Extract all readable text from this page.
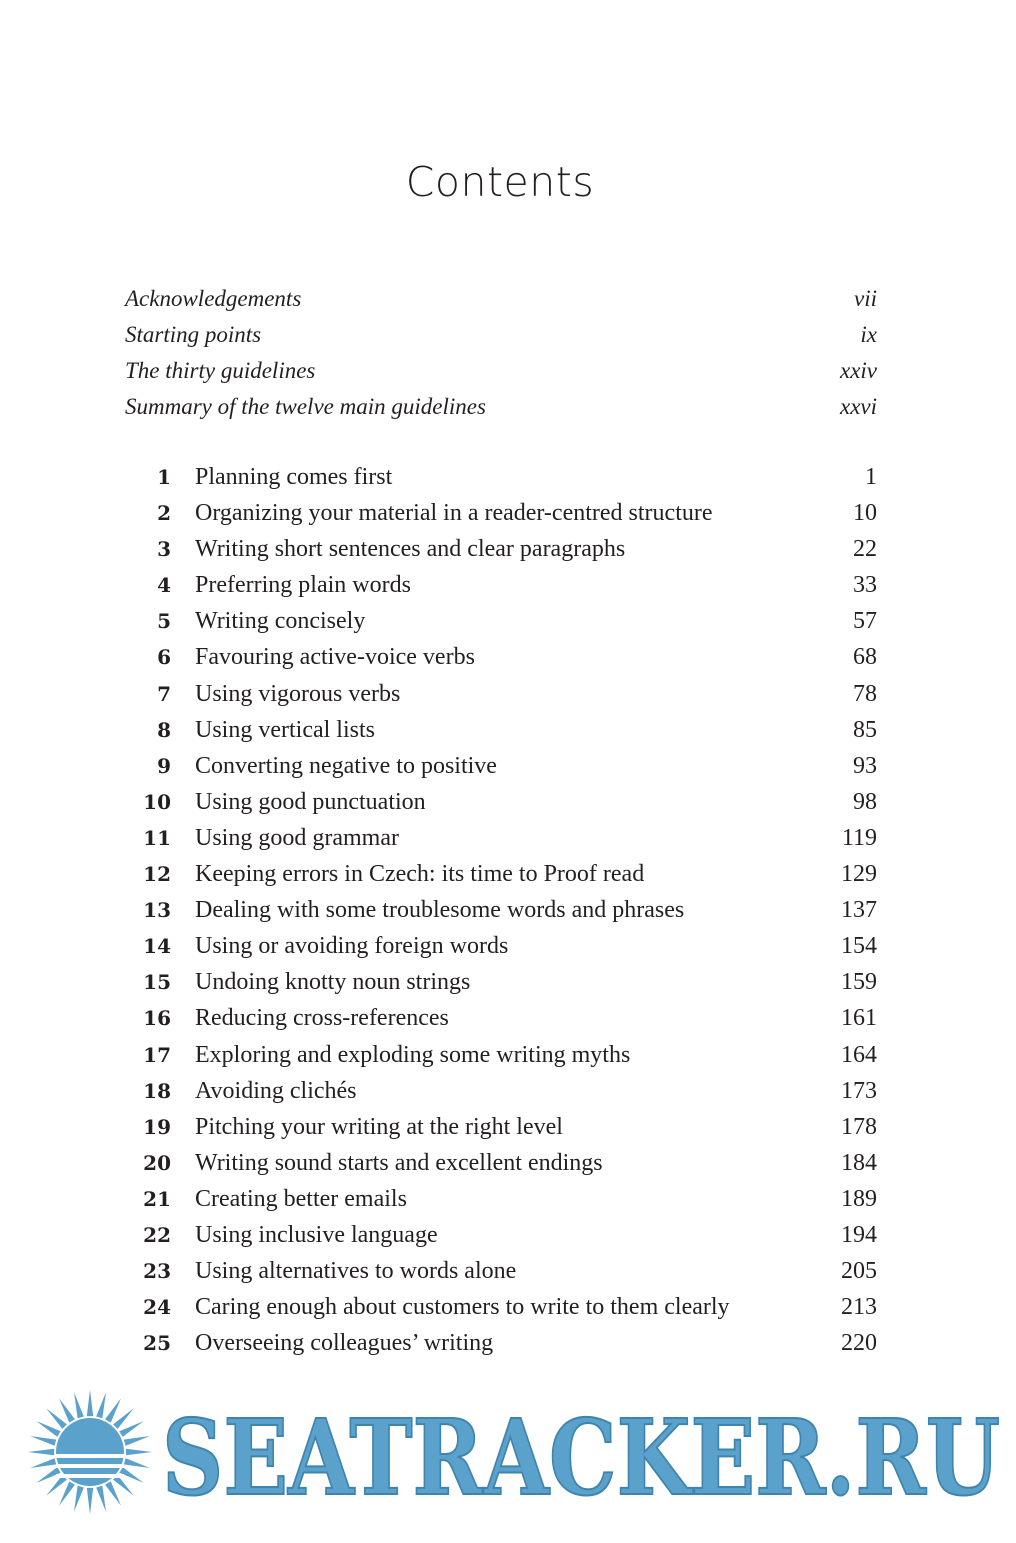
Contents
Acknowledgements	vii
Starting points	ix
The thirty guidelines	xxiv
Summary of the twelve main guidelines	xxvi
1	Planning comes first	1
2	Organizing your material in a reader-centred structure	10
3	Writing short sentences and clear paragraphs	22
4	Preferring plain words	33
5	Writing concisely	57
6	Favouring active-voice verbs	68
7	Using vigorous verbs	78
8	Using vertical lists	85
9	Converting negative to positive	93
10	Using good punctuation	98
11	Using good grammar	119
12	Keeping errors in Czech: its time to Proof read	129
13	Dealing with some troublesome words and phrases	137
14	Using or avoiding foreign words	154
15	Undoing knotty noun strings	159
16	Reducing cross-references	161
17	Exploring and exploding some writing myths	164
18	Avoiding clichés	173
19	Pitching your writing at the right level	178
20	Writing sound starts and excellent endings	184
21	Creating better emails	189
22	Using inclusive language	194
23	Using alternatives to words alone	205
24	Caring enough about customers to write to them clearly	213
25	Overseeing colleagues’ writing	220
SEATRACKER.RU
